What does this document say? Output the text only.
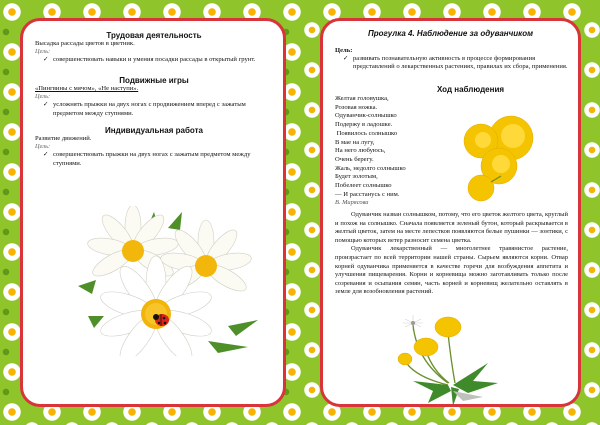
Трудовая деятельность

Высадка рассады цветов в цветник.

Цель:

✓ совершенствовать навыки и умения посадки рассады в открытый грунт.
Подвижные игры

«Пингвины с мячом», «Не наступи».

Цель:

✓ усложнять прыжки на двух ногах с продвижением вперед с зажатым предметом между ступнями.
Индивидуальная работа

Развитие движений.

Цель:

✓ совершенствовать прыжки на двух ногах с зажатым предметом между ступнями.
Прогулка 4. Наблюдение за одуванчиком

Цель:

✓ развивать познавательную активность в процессе формирования представлений о лекарственных растениях, правилах их сбора, применения.
Ход наблюдения

Желтая головушка,

Розовая ножка.

Одуванчик-солнышко

Подержу в ладошке.

Появилось солнышко

В мае на лугу,

На него любуюсь,

Очень берегу.

Жаль, недолго солнышко

Будет золотым,

Побелеет солнышко

— И расстанусь с ним.

В. Мирясова

Одуванчик назван солнышком, потому, что его цветок желтого цвета, круглый и похож на солнышко. Сначала появляется зеленый бутон, который раскрывается в желтый цветок, затем на месте лепестков появляются белые пушинки — зонтики, с помощью которых ветер разносит семена цветка.

Одуванчик лекарственный — многолетнее травянистое растение, произрастает по всей территории нашей страны. Сырьем являются корни. Отвар корней одуванчика применяется в качестве горечи для возбуждения аппетита и улучшения пищеварения. Корни и корневища можно заготавливать только после созревания и осыпания семян, часть корней и корневищ желательно оставлять в земле для возобновления растений.
